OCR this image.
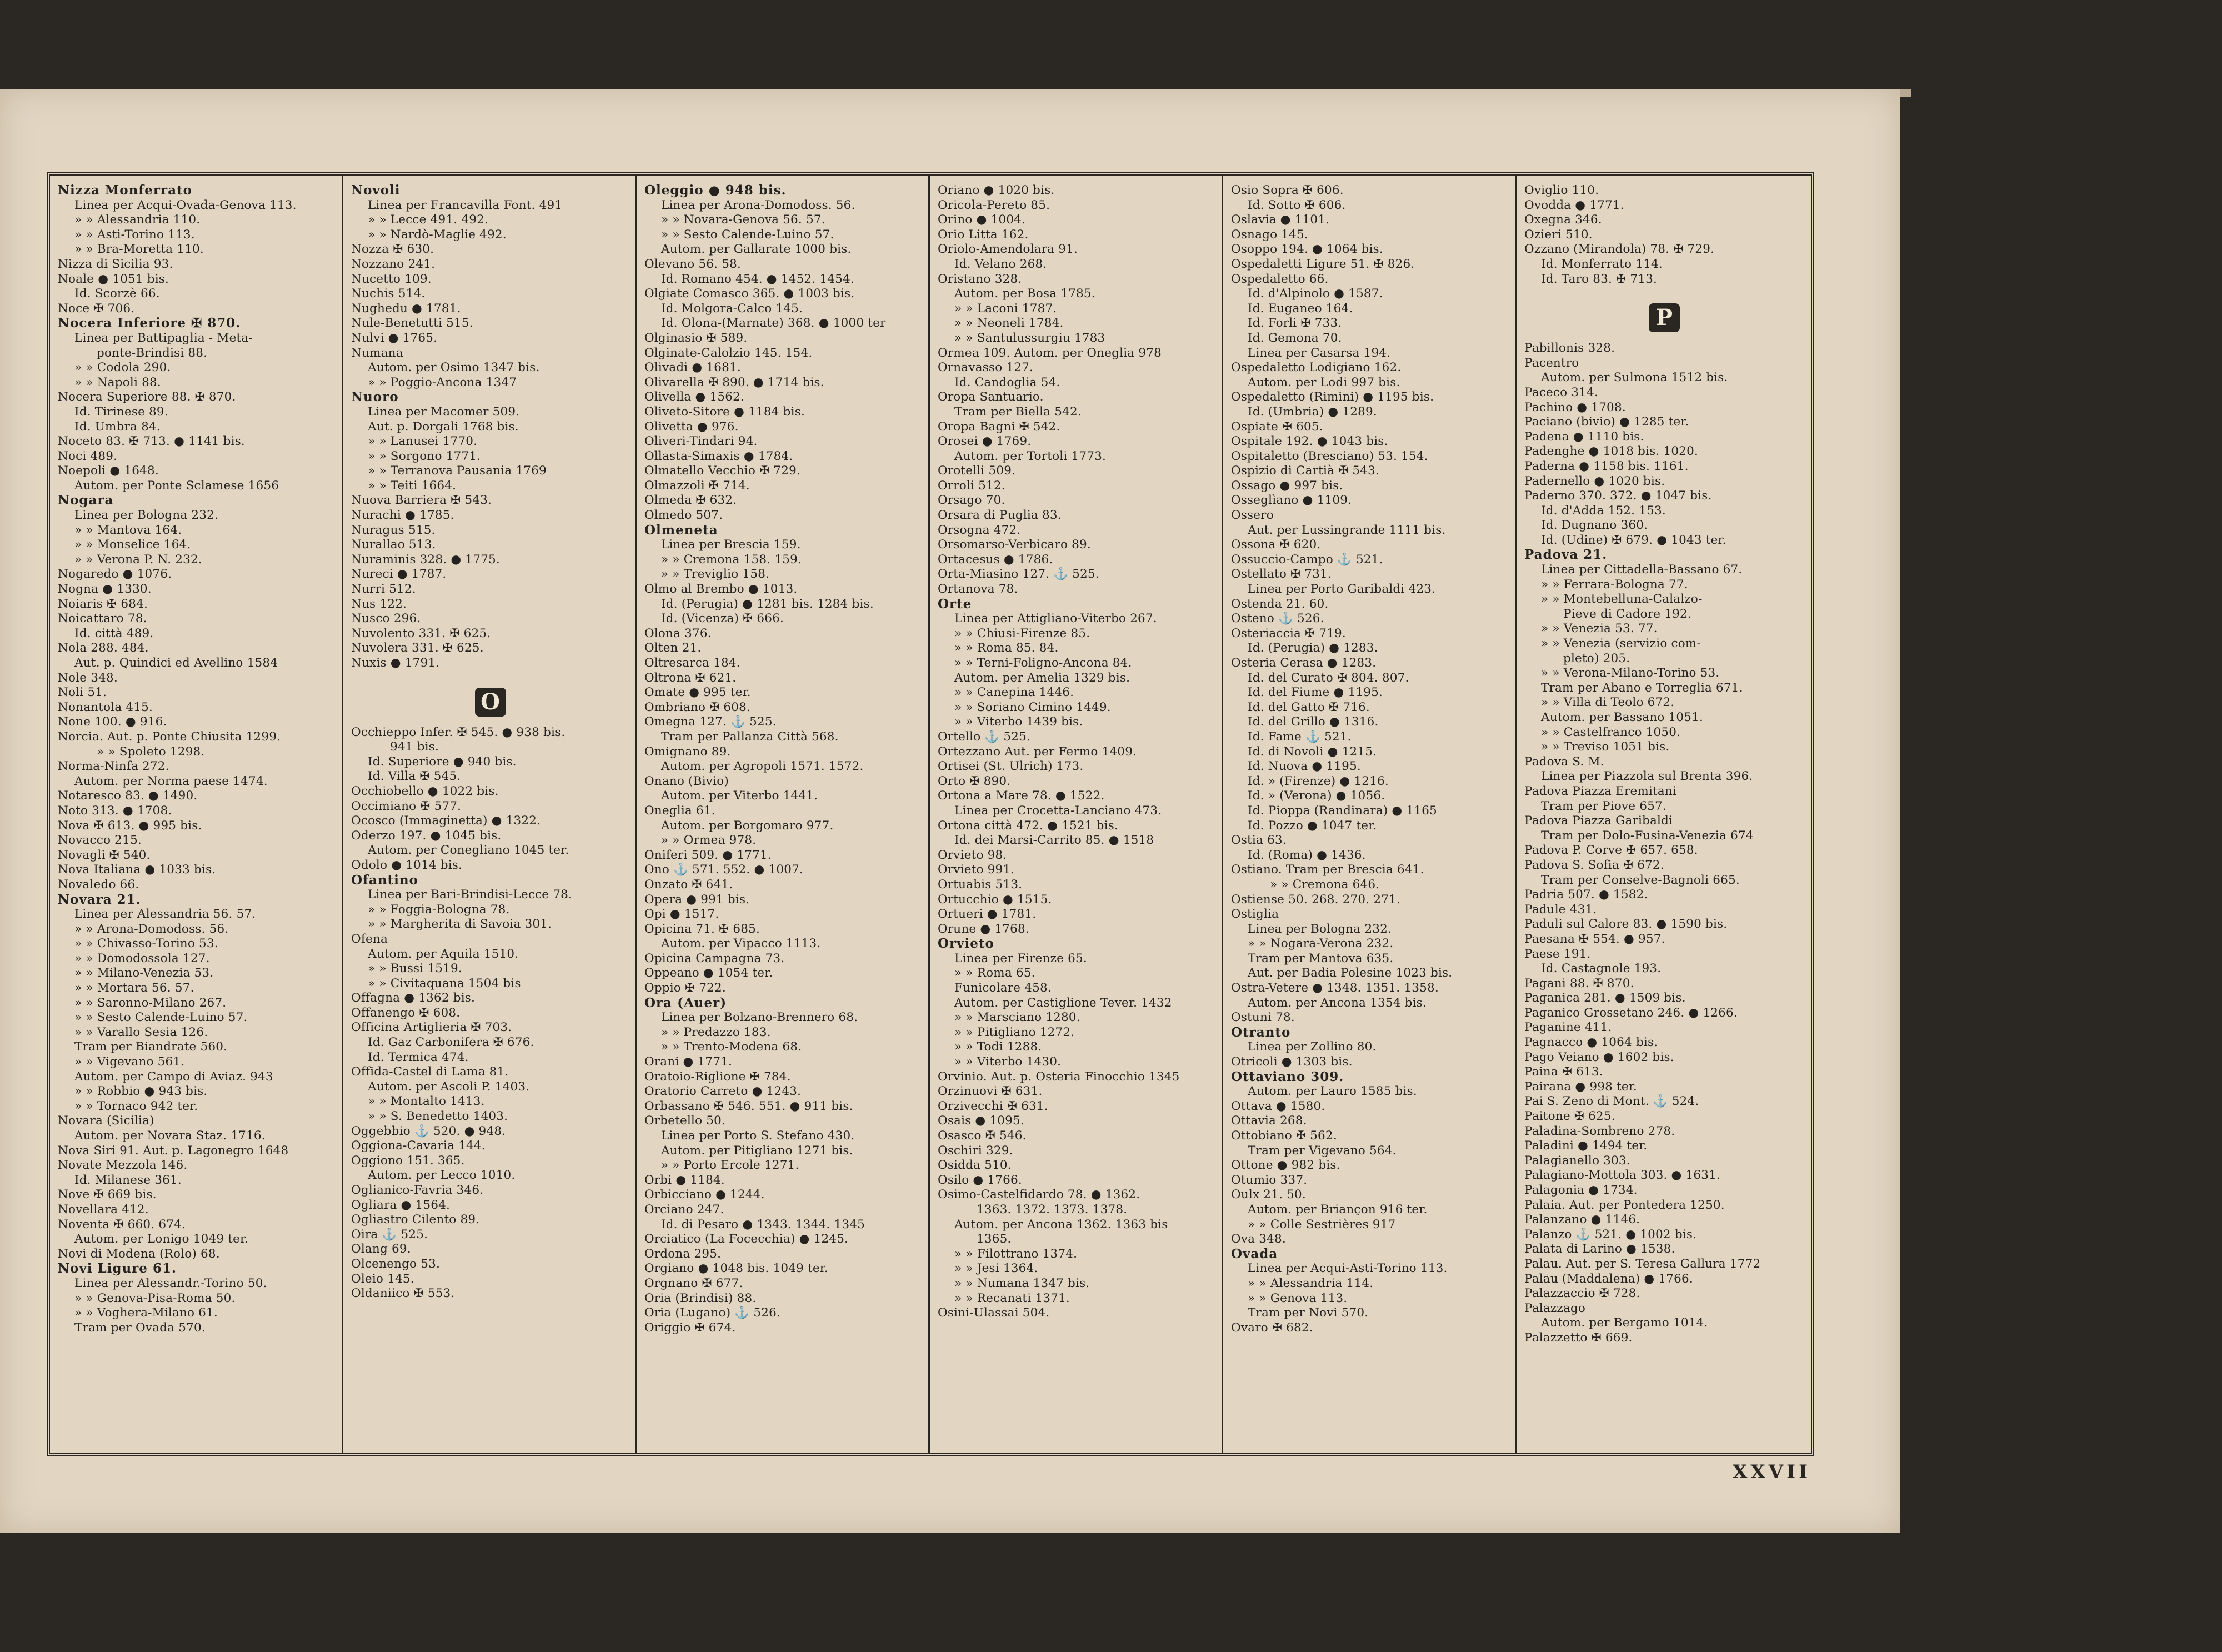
Nizza Monferrato
Linea per Acqui-Ovada-Genova 113.
» » Alessandria 110.
» » Asti-Torino 113.
» » Bra-Moretta 110.
Nizza di Sicilia 93.
Noale ● 1051 bis.
Id. Scorzè 66.
Noce ✠ 706.
Nocera Inferiore ✠ 870.
Linea per Battipaglia - Meta-
ponte-Brindisi 88.
» » Codola 290.
» » Napoli 88.
Nocera Superiore 88. ✠ 870.
Id. Tirinese 89.
Id. Umbra 84.
Noceto 83. ✠ 713. ● 1141 bis.
Noci 489.
Noepoli ● 1648.
Autom. per Ponte Sclamese 1656
Nogara
Linea per Bologna 232.
» » Mantova 164.
» » Monselice 164.
» » Verona P. N. 232.
Nogaredo ● 1076.
Nogna ● 1330.
Noiaris ✠ 684.
Noicattaro 78.
Id. città 489.
Nola 288. 484.
Aut. p. Quindici ed Avellino 1584
Nole 348.
Noli 51.
Nonantola 415.
None 100. ● 916.
Norcia. Aut. p. Ponte Chiusita 1299.
» » Spoleto 1298.
Norma-Ninfa 272.
Autom. per Norma paese 1474.
Notaresco 83. ● 1490.
Noto 313. ● 1708.
Nova ✠ 613. ● 995 bis.
Novacco 215.
Novagli ✠ 540.
Nova Italiana ● 1033 bis.
Novaledo 66.
Novara 21.
Linea per Alessandria 56. 57.
» » Arona-Domodoss. 56.
» » Chivasso-Torino 53.
» » Domodossola 127.
» » Milano-Venezia 53.
» » Mortara 56. 57.
» » Saronno-Milano 267.
» » Sesto Calende-Luino 57.
» » Varallo Sesia 126.
Tram per Biandrate 560.
» » Vigevano 561.
Autom. per Campo di Aviaz. 943
» » Robbio ● 943 bis.
» » Tornaco 942 ter.
Novara (Sicilia)
Autom. per Novara Staz. 1716.
Nova Siri 91. Aut. p. Lagonegro 1648
Novate Mezzola 146.
Id. Milanese 361.
Nove ✠ 669 bis.
Novellara 412.
Noventa ✠ 660. 674.
Autom. per Lonigo 1049 ter.
Novi di Modena (Rolo) 68.
Novi Ligure 61.
Linea per Alessandr.-Torino 50.
» » Genova-Pisa-Roma 50.
» » Voghera-Milano 61.
Tram per Ovada 570.
Novoli
Linea per Francavilla Font. 491
» » Lecce 491. 492.
» » Nardò-Maglie 492.
Nozza ✠ 630.
Nozzano 241.
Nucetto 109.
Nuchis 514.
Nughedu ● 1781.
Nule-Benetutti 515.
Nulvi ● 1765.
Numana
Autom. per Osimo 1347 bis.
» » Poggio-Ancona 1347
Nuoro
Linea per Macomer 509.
Aut. p. Dorgali 1768 bis.
» » Lanusei 1770.
» » Sorgono 1771.
» » Terranova Pausania 1769
» » Teiti 1664.
Nuova Barriera ✠ 543.
Nurachi ● 1785.
Nuragus 515.
Nurallao 513.
Nuraminis 328. ● 1775.
Nureci ● 1787.
Nurri 512.
Nus 122.
Nusco 296.
Nuvolento 331. ✠ 625.
Nuvolera 331. ✠ 625.
Nuxis ● 1791.
O
Occhieppo Infer. ✠ 545. ● 938 bis.
941 bis.
Id. Superiore ● 940 bis.
Id. Villa ✠ 545.
Occhiobello ● 1022 bis.
Occimiano ✠ 577.
Ocosco (Immaginetta) ● 1322.
Oderzo 197. ● 1045 bis.
Autom. per Conegliano 1045 ter.
Odolo ● 1014 bis.
Ofantino
Linea per Bari-Brindisi-Lecce 78.
» » Foggia-Bologna 78.
» » Margherita di Savoia 301.
Ofena
Autom. per Aquila 1510.
» » Bussi 1519.
» » Civitaquana 1504 bis
Offagna ● 1362 bis.
Offanengo ✠ 608.
Officina Artiglieria ✠ 703.
Id. Gaz Carbonifera ✠ 676.
Id. Termica 474.
Offida-Castel di Lama 81.
Autom. per Ascoli P. 1403.
» » Montalto 1413.
» » S. Benedetto 1403.
Oggebbio ⚓ 520. ● 948.
Oggiona-Cavaria 144.
Oggiono 151. 365.
Autom. per Lecco 1010.
Oglianico-Favria 346.
Ogliara ● 1564.
Ogliastro Cilento 89.
Oira ⚓ 525.
Olang 69.
Olcenengo 53.
Oleio 145.
Oldaniico ✠ 553.
Oleggio ● 948 bis.
Linea per Arona-Domodoss. 56.
» » Novara-Genova 56. 57.
» » Sesto Calende-Luino 57.
Autom. per Gallarate 1000 bis.
Olevano 56. 58.
Id. Romano 454. ● 1452. 1454.
Olgiate Comasco 365. ● 1003 bis.
Id. Molgora-Calco 145.
Id. Olona-(Marnate) 368. ● 1000 ter
Olginasio ✠ 589.
Olginate-Calolzio 145. 154.
Olivadi ● 1681.
Olivarella ✠ 890. ● 1714 bis.
Olivella ● 1562.
Oliveto-Sitore ● 1184 bis.
Olivetta ● 976.
Oliveri-Tindari 94.
Ollasta-Simaxis ● 1784.
Olmatello Vecchio ✠ 729.
Olmazzoli ✠ 714.
Olmeda ✠ 632.
Olmedo 507.
Olmeneta
Linea per Brescia 159.
» » Cremona 158. 159.
» » Treviglio 158.
Olmo al Brembo ● 1013.
Id. (Perugia) ● 1281 bis. 1284 bis.
Id. (Vicenza) ✠ 666.
Olona 376.
Olten 21.
Oltresarca 184.
Oltrona ✠ 621.
Omate ● 995 ter.
Ombriano ✠ 608.
Omegna 127. ⚓ 525.
Tram per Pallanza Città 568.
Omignano 89.
Autom. per Agropoli 1571. 1572.
Onano (Bivio)
Autom. per Viterbo 1441.
Oneglia 61.
Autom. per Borgomaro 977.
» » Ormea 978.
Oniferi 509. ● 1771.
Ono ⚓ 571. 552. ● 1007.
Onzato ✠ 641.
Opera ● 991 bis.
Opi ● 1517.
Opicina 71. ✠ 685.
Autom. per Vipacco 1113.
Opicina Campagna 73.
Oppeano ● 1054 ter.
Oppio ✠ 722.
Ora (Auer)
Linea per Bolzano-Brennero 68.
» » Predazzo 183.
» » Trento-Modena 68.
Orani ● 1771.
Oratoio-Riglione ✠ 784.
Oratorio Carreto ● 1243.
Orbassano ✠ 546. 551. ● 911 bis.
Orbetello 50.
Linea per Porto S. Stefano 430.
Autom. per Pitigliano 1271 bis.
» » Porto Ercole 1271.
Orbi ● 1184.
Orbicciano ● 1244.
Orciano 247.
Id. di Pesaro ● 1343. 1344. 1345
Orciatico (La Focecchia) ● 1245.
Ordona 295.
Orgiano ● 1048 bis. 1049 ter.
Orgnano ✠ 677.
Oria (Brindisi) 88.
Oria (Lugano) ⚓ 526.
Origgio ✠ 674.
Oriano ● 1020 bis.
Oricola-Pereto 85.
Orino ● 1004.
Orio Litta 162.
Oriolo-Amendolara 91.
Id. Velano 268.
Oristano 328.
Autom. per Bosa 1785.
» » Laconi 1787.
» » Neoneli 1784.
» » Santulussurgiu 1783
Ormea 109. Autom. per Oneglia 978
Ornavasso 127.
Id. Candoglia 54.
Oropa Santuario.
Tram per Biella 542.
Oropa Bagni ✠ 542.
Orosei ● 1769.
Autom. per Tortoli 1773.
Orotelli 509.
Orroli 512.
Orsago 70.
Orsara di Puglia 83.
Orsogna 472.
Orsomarso-Verbicaro 89.
Ortacesus ● 1786.
Orta-Miasino 127. ⚓ 525.
Ortanova 78.
Orte
Linea per Attigliano-Viterbo 267.
» » Chiusi-Firenze 85.
» » Roma 85. 84.
» » Terni-Foligno-Ancona 84.
Autom. per Amelia 1329 bis.
» » Canepina 1446.
» » Soriano Cimino 1449.
» » Viterbo 1439 bis.
Ortello ⚓ 525.
Ortezzano Aut. per Fermo 1409.
Ortisei (St. Ulrich) 173.
Orto ✠ 890.
Ortona a Mare 78. ● 1522.
Linea per Crocetta-Lanciano 473.
Ortona città 472. ● 1521 bis.
Id. dei Marsi-Carrito 85. ● 1518
Orvieto 98.
Orvieto 991.
Ortuabis 513.
Ortucchio ● 1515.
Ortueri ● 1781.
Orune ● 1768.
Orvieto
Linea per Firenze 65.
» » Roma 65.
Funicolare 458.
Autom. per Castiglione Tever. 1432
» » Marsciano 1280.
» » Pitigliano 1272.
» » Todi 1288.
» » Viterbo 1430.
Orvinio. Aut. p. Osteria Finocchio 1345
Orzinuovi ✠ 631.
Orzivecchi ✠ 631.
Osais ● 1095.
Osasco ✠ 546.
Oschiri 329.
Osidda 510.
Osilo ● 1766.
Osimo-Castelfidardo 78. ● 1362.
1363. 1372. 1373. 1378.
Autom. per Ancona 1362. 1363 bis
1365.
» » Filottrano 1374.
» » Jesi 1364.
» » Numana 1347 bis.
» » Recanati 1371.
Osini-Ulassai 504.
Osio Sopra ✠ 606.
Id. Sotto ✠ 606.
Oslavia ● 1101.
Osnago 145.
Osoppo 194. ● 1064 bis.
Ospedaletti Ligure 51. ✠ 826.
Ospedaletto 66.
Id. d'Alpinolo ● 1587.
Id. Euganeo 164.
Id. Forli ✠ 733.
Id. Gemona 70.
Linea per Casarsa 194.
Ospedaletto Lodigiano 162.
Autom. per Lodi 997 bis.
Ospedaletto (Rimini) ● 1195 bis.
Id. (Umbria) ● 1289.
Ospiate ✠ 605.
Ospitale 192. ● 1043 bis.
Ospitaletto (Bresciano) 53. 154.
Ospizio di Cartià ✠ 543.
Ossago ● 997 bis.
Osseglìano ● 1109.
Ossero
Aut. per Lussingrande 1111 bis.
Ossona ✠ 620.
Ossuccio-Campo ⚓ 521.
Ostellato ✠ 731.
Linea per Porto Garibaldi 423.
Ostenda 21. 60.
Osteno ⚓ 526.
Osteriaccia ✠ 719.
Id. (Perugia) ● 1283.
Osteria Cerasa ● 1283.
Id. del Curato ✠ 804. 807.
Id. del Fiume ● 1195.
Id. del Gatto ✠ 716.
Id. del Grillo ● 1316.
Id. Fame ⚓ 521.
Id. di Novoli ● 1215.
Id. Nuova ● 1195.
Id. » (Firenze) ● 1216.
Id. » (Verona) ● 1056.
Id. Pioppa (Randinara) ● 1165
Id. Pozzo ● 1047 ter.
Ostia 63.
Id. (Roma) ● 1436.
Ostiano. Tram per Brescia 641.
» » Cremona 646.
Ostiense 50. 268. 270. 271.
Ostiglia
Linea per Bologna 232.
» » Nogara-Verona 232.
Tram per Mantova 635.
Aut. per Badia Polesine 1023 bis.
Ostra-Vetere ● 1348. 1351. 1358.
Autom. per Ancona 1354 bis.
Ostuni 78.
Otranto
Linea per Zollino 80.
Otricoli ● 1303 bis.
Ottaviano 309.
Autom. per Lauro 1585 bis.
Ottava ● 1580.
Ottavia 268.
Ottobiano ✠ 562.
Tram per Vigevano 564.
Ottone ● 982 bis.
Otumio 337.
Oulx 21. 50.
Autom. per Briançon 916 ter.
» » Colle Sestrières 917
Ova 348.
Ovada
Linea per Acqui-Asti-Torino 113.
» » Alessandria 114.
» » Genova 113.
Tram per Novi 570.
Ovaro ✠ 682.
Oviglio 110.
Ovodda ● 1771.
Oxegna 346.
Ozieri 510.
Ozzano (Mirandola) 78. ✠ 729.
Id. Monferrato 114.
Id. Taro 83. ✠ 713.
P
Pabillonis 328.
Pacentro
Autom. per Sulmona 1512 bis.
Paceco 314.
Pachino ● 1708.
Paciano (bivio) ● 1285 ter.
Padena ● 1110 bis.
Padenghe ● 1018 bis. 1020.
Paderna ● 1158 bis. 1161.
Padernello ● 1020 bis.
Paderno 370. 372. ● 1047 bis.
Id. d'Adda 152. 153.
Id. Dugnano 360.
Id. (Udine) ✠ 679. ● 1043 ter.
Padova 21.
Linea per Cittadella-Bassano 67.
» » Ferrara-Bologna 77.
» » Montebelluna-Calalzo-
Pieve di Cadore 192.
» » Venezia 53. 77.
» » Venezia (servizio com-
pleto) 205.
» » Verona-Milano-Torino 53.
Tram per Abano e Torreglia 671.
» » Villa di Teolo 672.
Autom. per Bassano 1051.
» » Castelfranco 1050.
» » Treviso 1051 bis.
Padova S. M.
Linea per Piazzola sul Brenta 396.
Padova Piazza Eremitani
Tram per Piove 657.
Padova Piazza Garibaldi
Tram per Dolo-Fusina-Venezia 674
Padova P. Corve ✠ 657. 658.
Padova S. Sofia ✠ 672.
Tram per Conselve-Bagnoli 665.
Padria 507. ● 1582.
Padule 431.
Paduli sul Calore 83. ● 1590 bis.
Paesana ✠ 554. ● 957.
Paese 191.
Id. Castagnole 193.
Pagani 88. ✠ 870.
Paganica 281. ● 1509 bis.
Paganico Grossetano 246. ● 1266.
Paganine 411.
Pagnacco ● 1064 bis.
Pago Veiano ● 1602 bis.
Paina ✠ 613.
Pairana ● 998 ter.
Pai S. Zeno di Mont. ⚓ 524.
Paitone ✠ 625.
Paladina-Sombreno 278.
Paladini ● 1494 ter.
Palagianello 303.
Palagiano-Mottola 303. ● 1631.
Palagonia ● 1734.
Palaia. Aut. per Pontedera 1250.
Palanzano ● 1146.
Palanzo ⚓ 521. ● 1002 bis.
Palata di Larino ● 1538.
Palau. Aut. per S. Teresa Gallura 1772
Palau (Maddalena) ● 1766.
Palazzaccio ✠ 728.
Palazzago
Autom. per Bergamo 1014.
Palazzetto ✠ 669.
XXVII
